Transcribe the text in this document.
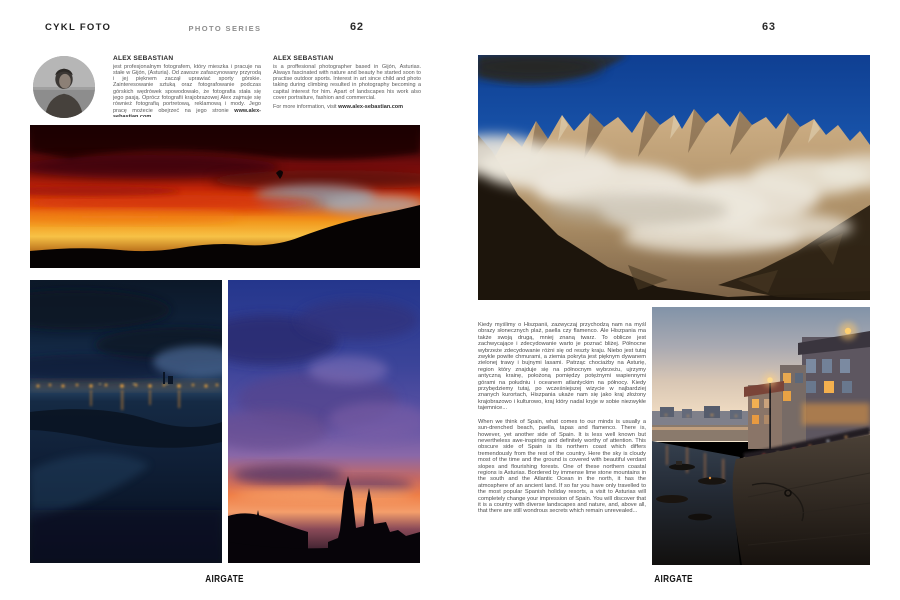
CYKL FOTO	PHOTO SERIES	62
ALEX SEBASTIAN

jest profesjonalnym fotografem, który mieszka i pracuje na stałe w Gijón, (Asturia). Od zawsze zafascynowany przyrodą i jej pięknem zaczął uprawiać sporty górskie. Zainteresowanie sztuką oraz fotografowanie podczas górskich wędrówek spowodowało, że fotografia stała się jego pasją. Oprócz fotografii krajobrazowej Alex zajmuje się również fotografią portretową, reklamową i mody. Jego pracę możecie obejrzeć na jego stronie www.alex-sebastian.com

ALEX SEBASTIAN

is a proffesional photographer based in Gijón, Asturias. Always fascinated with nature and beauty he started soon to practise outdoor sports. Interest in art since child and photo taking during climbing resulted in photography becoming a capital interest for him. Apart of landscapes his work also cover portraiture, fashion and commercial.

For more information, visit www.alex-sebastian.com

AIRGATE
63

Kiedy myślimy o Hiszpanii, zazwyczaj przychodzą nam na myśl obrazy słonecznych plaż, paella czy flamenco. Ale Hiszpania ma także swoją drugą, mniej znaną twarz. To oblicze jest zachwycające i zdecydowanie warto je poznać bliżej. Północne wybrzeże zdecydowanie różni się od reszty kraju. Niebo jest tutaj zwykle powite chmurami, a ziemia pokryta jest pięknym dywanem zielonej trawy i bujnymi lasami. Patrząc chociażby na Asturię, region który znajduje się na północnym wybrzeżu, ujrzymy antyczną krainę, położoną pomiędzy potężnymi wapiennymi górami na południu i oceanem atlantyckim na północy. Kiedy przybędziemy tutaj, po wcześniejszej wizycie w najbardziej znanych kurortach, Hiszpania ukaże nam się jako kraj złożony krajobrazowo i kulturowo, kraj który nadal kryje w sobie niezwykłe tajemnice...

When we think of Spain, what comes to our minds is usually a sun-drenched beach, paella, tapas and flamenco. There is, however, yet another side of Spain. It is less well known but nevertheless awe-inspiring and definitely worthy of attention. This obscure side of Spain is its northern coast which differs tremendously from the rest of the country. Here the sky is cloudy most of the time and the ground is covered with beautiful verdant slopes and flourishing forests. One of these northern coastal regions is Asturias. Bordered by immense lime stone mountains in the south and the Atlantic Ocean in the north, it has the atmosphere of an ancient land. If so far you have only travelled to the most popular Spanish holiday resorts, a visit to Asturias will completely change your impression of Spain. You will discover that it is a country with diverse landscapes and nature, and, above all, that there are still wondrous secrets which remain unrevealed...

AIRGATE
